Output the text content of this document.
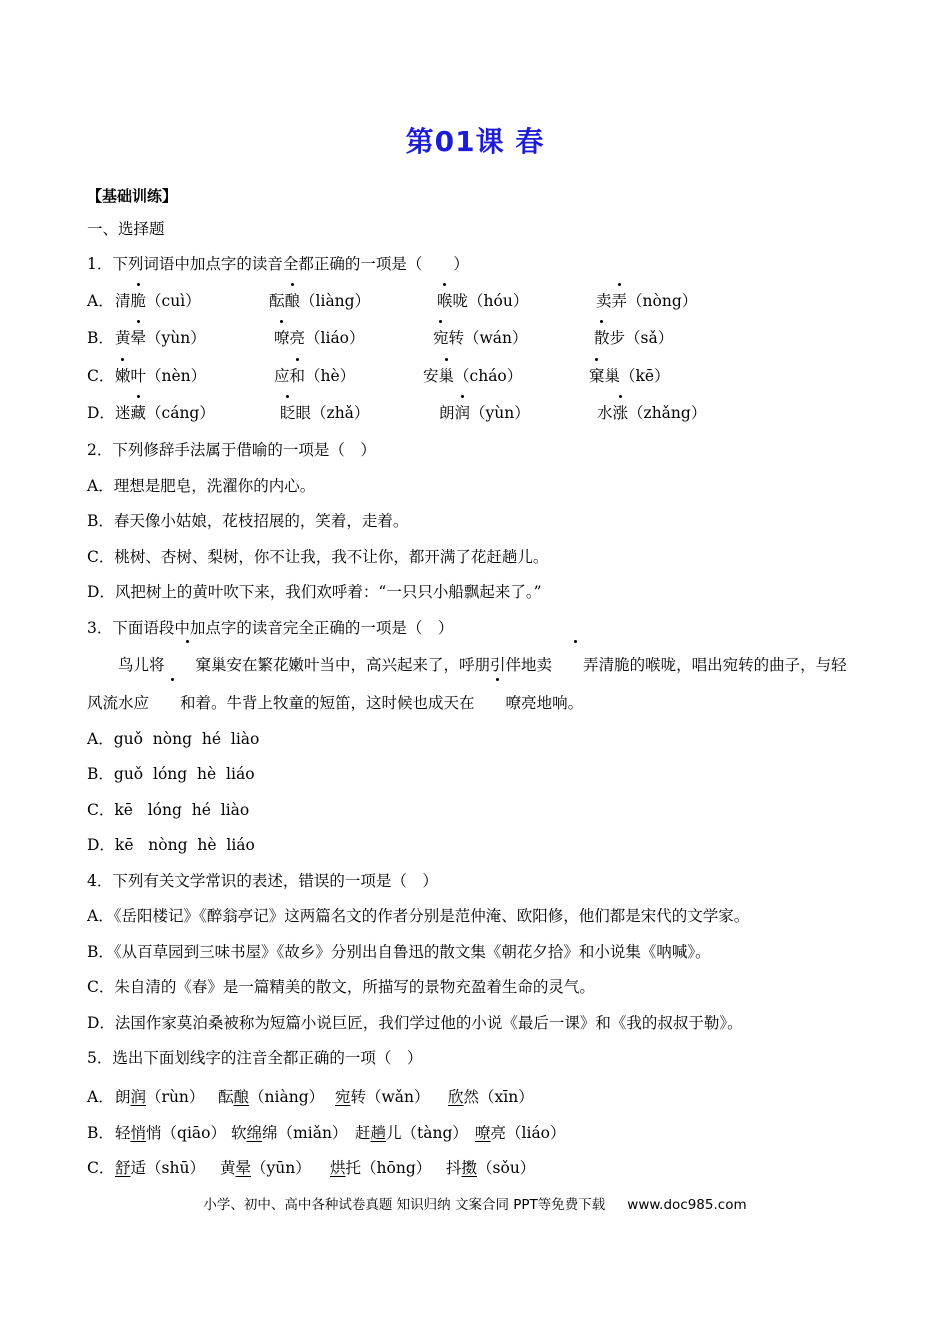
第01课 春
【基础训练】
一、选择题
1．下列词语中加点字的读音全都正确的一项是（　　）
A． 清脆（cuì）	酝酿（liàng）	喉咙（hóu）	卖弄（nòng）
B． 黄晕（yùn）	嘹亮（liáo）	宛转（wán）	散步（sǎ）
C． 嫩叶（nèn）	应和（hè）	安巢（cháo）	窠巢（kē）
D． 迷藏（cáng）	眨眼（zhǎ）	朗润（yùn）	水涨（zhǎng）
2．下列修辞手法属于借喻的一项是（　）
A．理想是肥皂，洗濯你的内心。
B．春天像小姑娘，花枝招展的，笑着，走着。
C．桃树、杏树、梨树，你不让我，我不让你，都开满了花赶趟儿。
D．风把树上的黄叶吹下来，我们欢呼着：“一只只小船飘起来了。”
3．下面语段中加点字的读音完全正确的一项是（　）
鸟儿将 窠巢安在繁花嫩叶当中，高兴起来了，呼朋引伴地卖 弄清脆的喉咙，唱出宛转的曲子，与轻风流水应 和着。牛背上牧童的短笛，这时候也成天在 嘹亮地响。
A．guǒ  nòng  hé  liào
B．guǒ  lóng  hè  liáo
C．kē   lóng  hé  liào
D．kē   nòng  hè  liáo
4．下列有关文学常识的表述，错误的一项是（　）
A．《岳阳楼记》《醉翁亭记》这两篇名文的作者分别是范仲淹、欧阳修，他们都是宋代的文学家。
B．《从百草园到三味书屋》《故乡》分别出自鲁迅的散文集《朝花夕拾》和小说集《呐喊》。
C．朱自清的《春》是一篇精美的散文，所描写的景物充盈着生命的灵气。
D．法国作家莫泊桑被称为短篇小说巨匠，我们学过他的小说《最后一课》和《我的叔叔于勒》。
5．选出下面划线字的注音全都正确的一项（　）
A． 朗润（rùn） 酝酿（niàng） 宛转（wǎn） 欣然（xīn）
B． 轻悄悄（qiāo） 软绵绵（miǎn） 赶趟儿（tàng） 嘹亮（liáo）
C． 舒适（shū） 黄晕（yūn） 烘托（hōng） 抖擞（sǒu）
小学、初中、高中各种试卷真题 知识归纳 文案合同 PPT等免费下载 www.doc985.com
